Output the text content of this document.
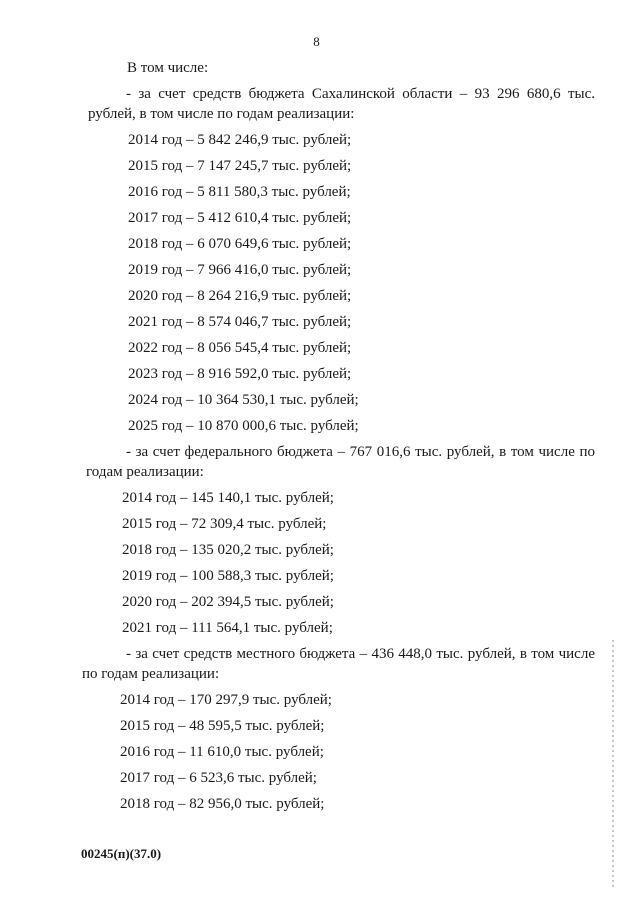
8
В том числе:
- за счет средств бюджета Сахалинской области – 93 296 680,6 тыс.
рублей, в том числе по годам реализации:
2014 год – 5 842 246,9 тыс. рублей;
2015 год – 7 147 245,7 тыс. рублей;
2016 год – 5 811 580,3 тыс. рублей;
2017 год – 5 412 610,4 тыс. рублей;
2018 год – 6 070 649,6 тыс. рублей;
2019 год – 7 966 416,0 тыс. рублей;
2020 год – 8 264 216,9 тыс. рублей;
2021 год – 8 574 046,7 тыс. рублей;
2022 год – 8 056 545,4 тыс. рублей;
2023 год – 8 916 592,0 тыс. рублей;
2024 год – 10 364 530,1 тыс. рублей;
2025 год – 10 870 000,6 тыс. рублей;
- за счет федерального бюджета – 767 016,6 тыс. рублей, в том числе по
годам реализации:
2014 год – 145 140,1 тыс. рублей;
2015 год – 72 309,4 тыс. рублей;
2018 год – 135 020,2 тыс. рублей;
2019 год – 100 588,3 тыс. рублей;
2020 год – 202 394,5 тыс. рублей;
2021 год – 111 564,1 тыс. рублей;
- за счет средств местного бюджета – 436 448,0 тыс. рублей, в том числе
по годам реализации:
2014 год – 170 297,9 тыс. рублей;
2015 год – 48 595,5 тыс. рублей;
2016 год – 11 610,0 тыс. рублей;
2017 год – 6 523,6 тыс. рублей;
2018 год – 82 956,0 тыс. рублей;
00245(п)(37.0)
